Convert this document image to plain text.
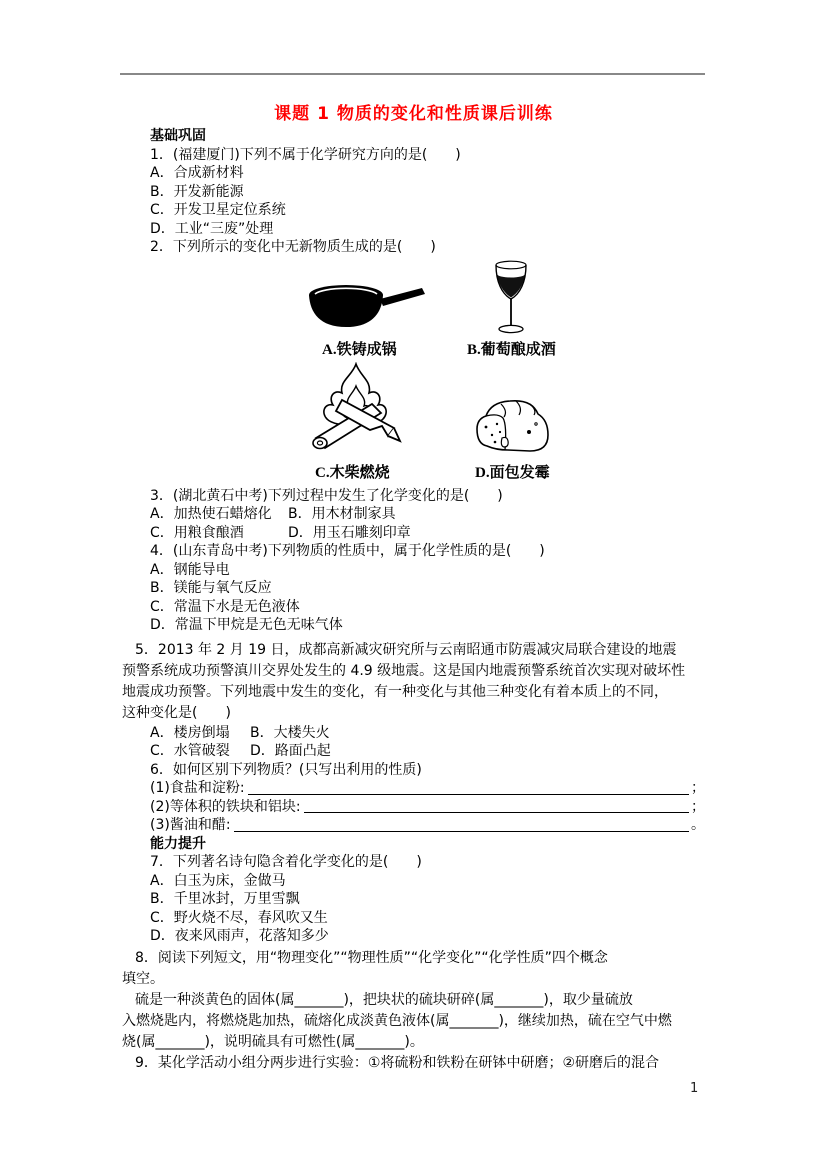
课题 1 物质的变化和性质课后训练
基础巩固
1．(福建厦门)下列不属于化学研究方向的是(　　)
A．合成新材料
B．开发新能源
C．开发卫星定位系统
D．工业“三废”处理
2．下列所示的变化中无新物质生成的是(　　)
A.铁铸成锅	B.葡萄酿成酒
C.木柴燃烧	D.面包发霉
3．(湖北黄石中考)下列过程中发生了化学变化的是(　　)
A．加热使石蜡熔化 B．用木材制家具
C．用粮食酿酒	D．用玉石雕刻印章
4．(山东青岛中考)下列物质的性质中，属于化学性质的是(　　)
A．钢能导电
B．镁能与氧气反应
C．常温下水是无色液体
D．常温下甲烷是无色无味气体
5．2013 年 2 月 19 日，成都高新减灾研究所与云南昭通市防震减灾局联合建设的地震
预警系统成功预警滇川交界处发生的 4.9 级地震。这是国内地震预警系统首次实现对破坏性
地震成功预警。下列地震中发生的变化，有一种变化与其他三种变化有着本质上的不同，
这种变化是(　　)
A．楼房倒塌 B．大楼失火
C．水管破裂 D．路面凸起
6．如何区别下列物质？(只写出利用的性质)
(1)食盐和淀粉:	；
(2)等体积的铁块和铝块:	；
(3)酱油和醋:	。
能力提升
7．下列著名诗句隐含着化学变化的是(　　)
A．白玉为床，金做马
B．千里冰封，万里雪飘
C．野火烧不尽，春风吹又生
D．夜来风雨声，花落知多少
8．阅读下列短文，用“物理变化”“物理性质”“化学变化”“化学性质”四个概念
填空。
硫是一种淡黄色的固体(属_______)，把块状的硫块研碎(属_______)，取少量硫放
入燃烧匙内，将燃烧匙加热，硫熔化成淡黄色液体(属_______)，继续加热，硫在空气中燃
烧(属_______)，说明硫具有可燃性(属_______)。
9．某化学活动小组分两步进行实验：①将硫粉和铁粉在研钵中研磨；②研磨后的混合
1
